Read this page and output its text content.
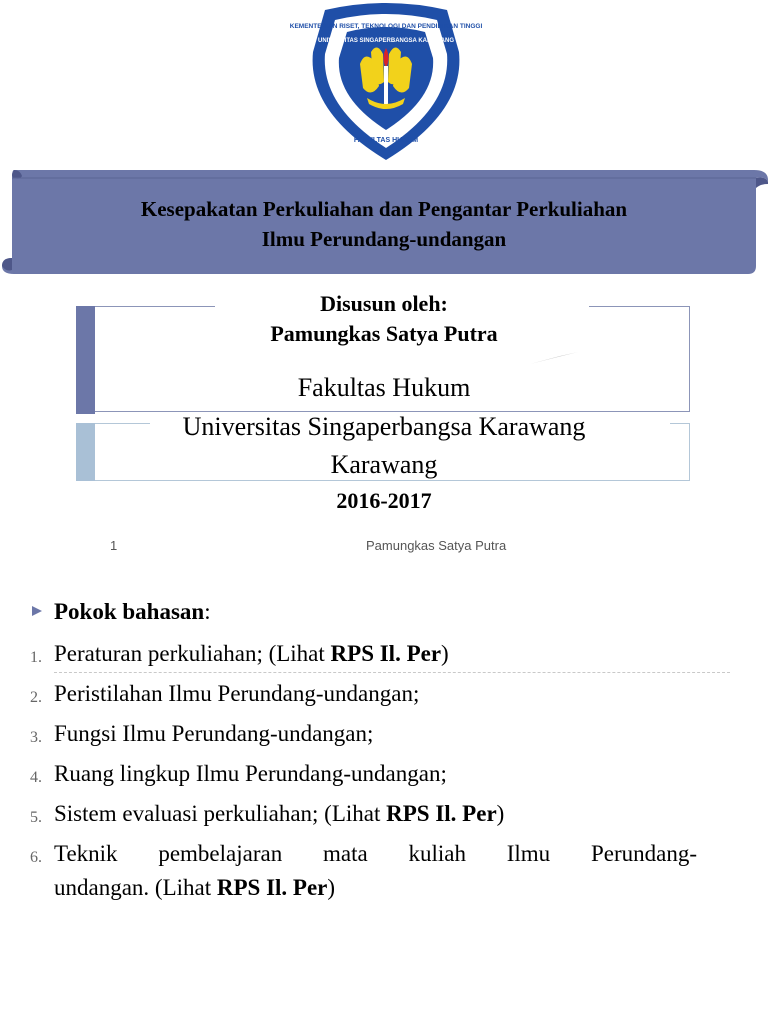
KEMENTERIAN RISET, TEKNOLOGI DAN PENDIDIKAN TINGGI
UNIVERSITAS SINGAPERBANGSA KARAWANG
FAKULTAS HUKUM
Kesepakatan Perkuliahan dan Pengantar Perkuliahan
Ilmu Perundang-undangan
Disusun oleh:
Pamungkas Satya Putra
Fakultas Hukum
Universitas Singaperbangsa Karawang
Karawang
2016-2017
1	Pamungkas Satya Putra
Pokok bahasan:
1. Peraturan perkuliahan; (Lihat RPS Il. Per)
2. Peristilahan Ilmu Perundang-undangan;
3. Fungsi Ilmu Perundang-undangan;
4. Ruang lingkup Ilmu Perundang-undangan;
5. Sistem evaluasi perkuliahan; (Lihat RPS Il. Per)
6. Teknik pembelajaran mata kuliah Ilmu Perundang-
undangan. (Lihat RPS Il. Per)
